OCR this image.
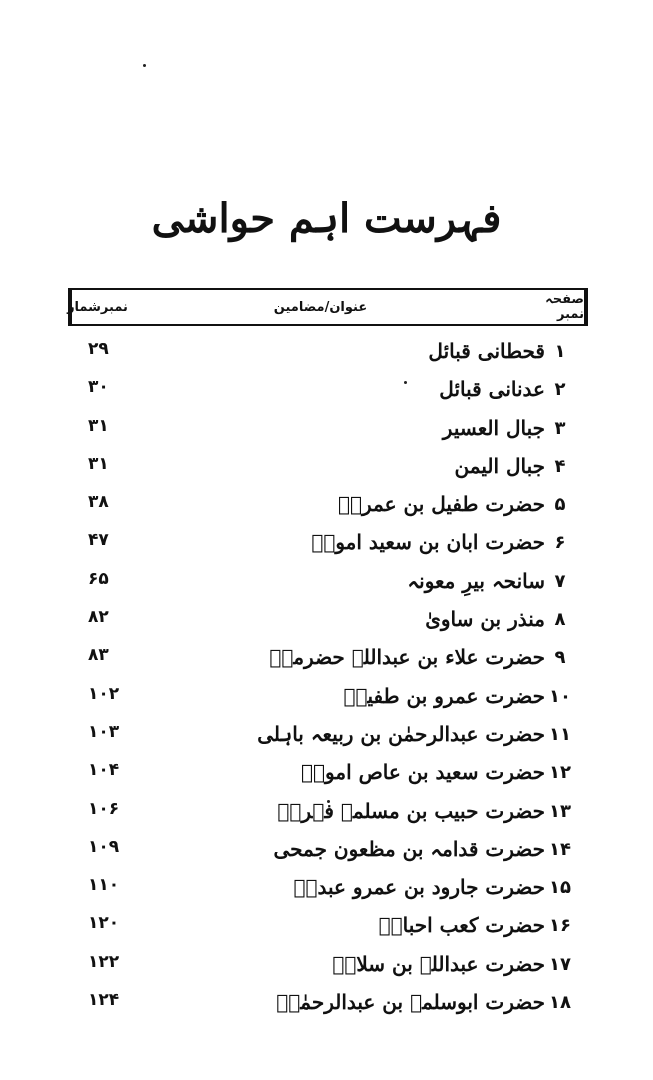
فہرست اہم حواشی
نمبرشمار	عنوان/مضامین	صفحہ نمبر
۱
قحطانی قبائل
۲۹
۲
عدنانی قبائل
۳۰
۳
جبال العسیر
۳۱
۴
جبال الیمن
۳۱
۵
حضرت طفیل بن عمروؓ
۳۸
۶
حضرت ابان بن سعید امویؓ
۴۷
۷
سانحہ بیرِ معونہ
۶۵
۸
منذر بن ساویٰ
۸۲
۹
حضرت علاء بن عبداللہ حضرمیؓ
۸۳
۱۰
حضرت عمرو بن طفیلؓ
۱۰۲
۱۱
حضرت عبدالرحمٰن بن ربیعہ باہلی
۱۰۳
۱۲
حضرت سعید بن عاص امویؓ
۱۰۴
۱۳
حضرت حبیب بن مسلمہ فہریؓ
۱۰۶
۱۴
حضرت قدامہ بن مظعون جمحی
۱۰۹
۱۵
حضرت جارود بن عمرو عبدیؓ
۱۱۰
۱۶
حضرت کعب احبارؒ
۱۲۰
۱۷
حضرت عبداللہ بن سلامؓ
۱۲۲
۱۸
حضرت ابوسلمہ بن عبدالرحمٰنؒ
۱۲۴
